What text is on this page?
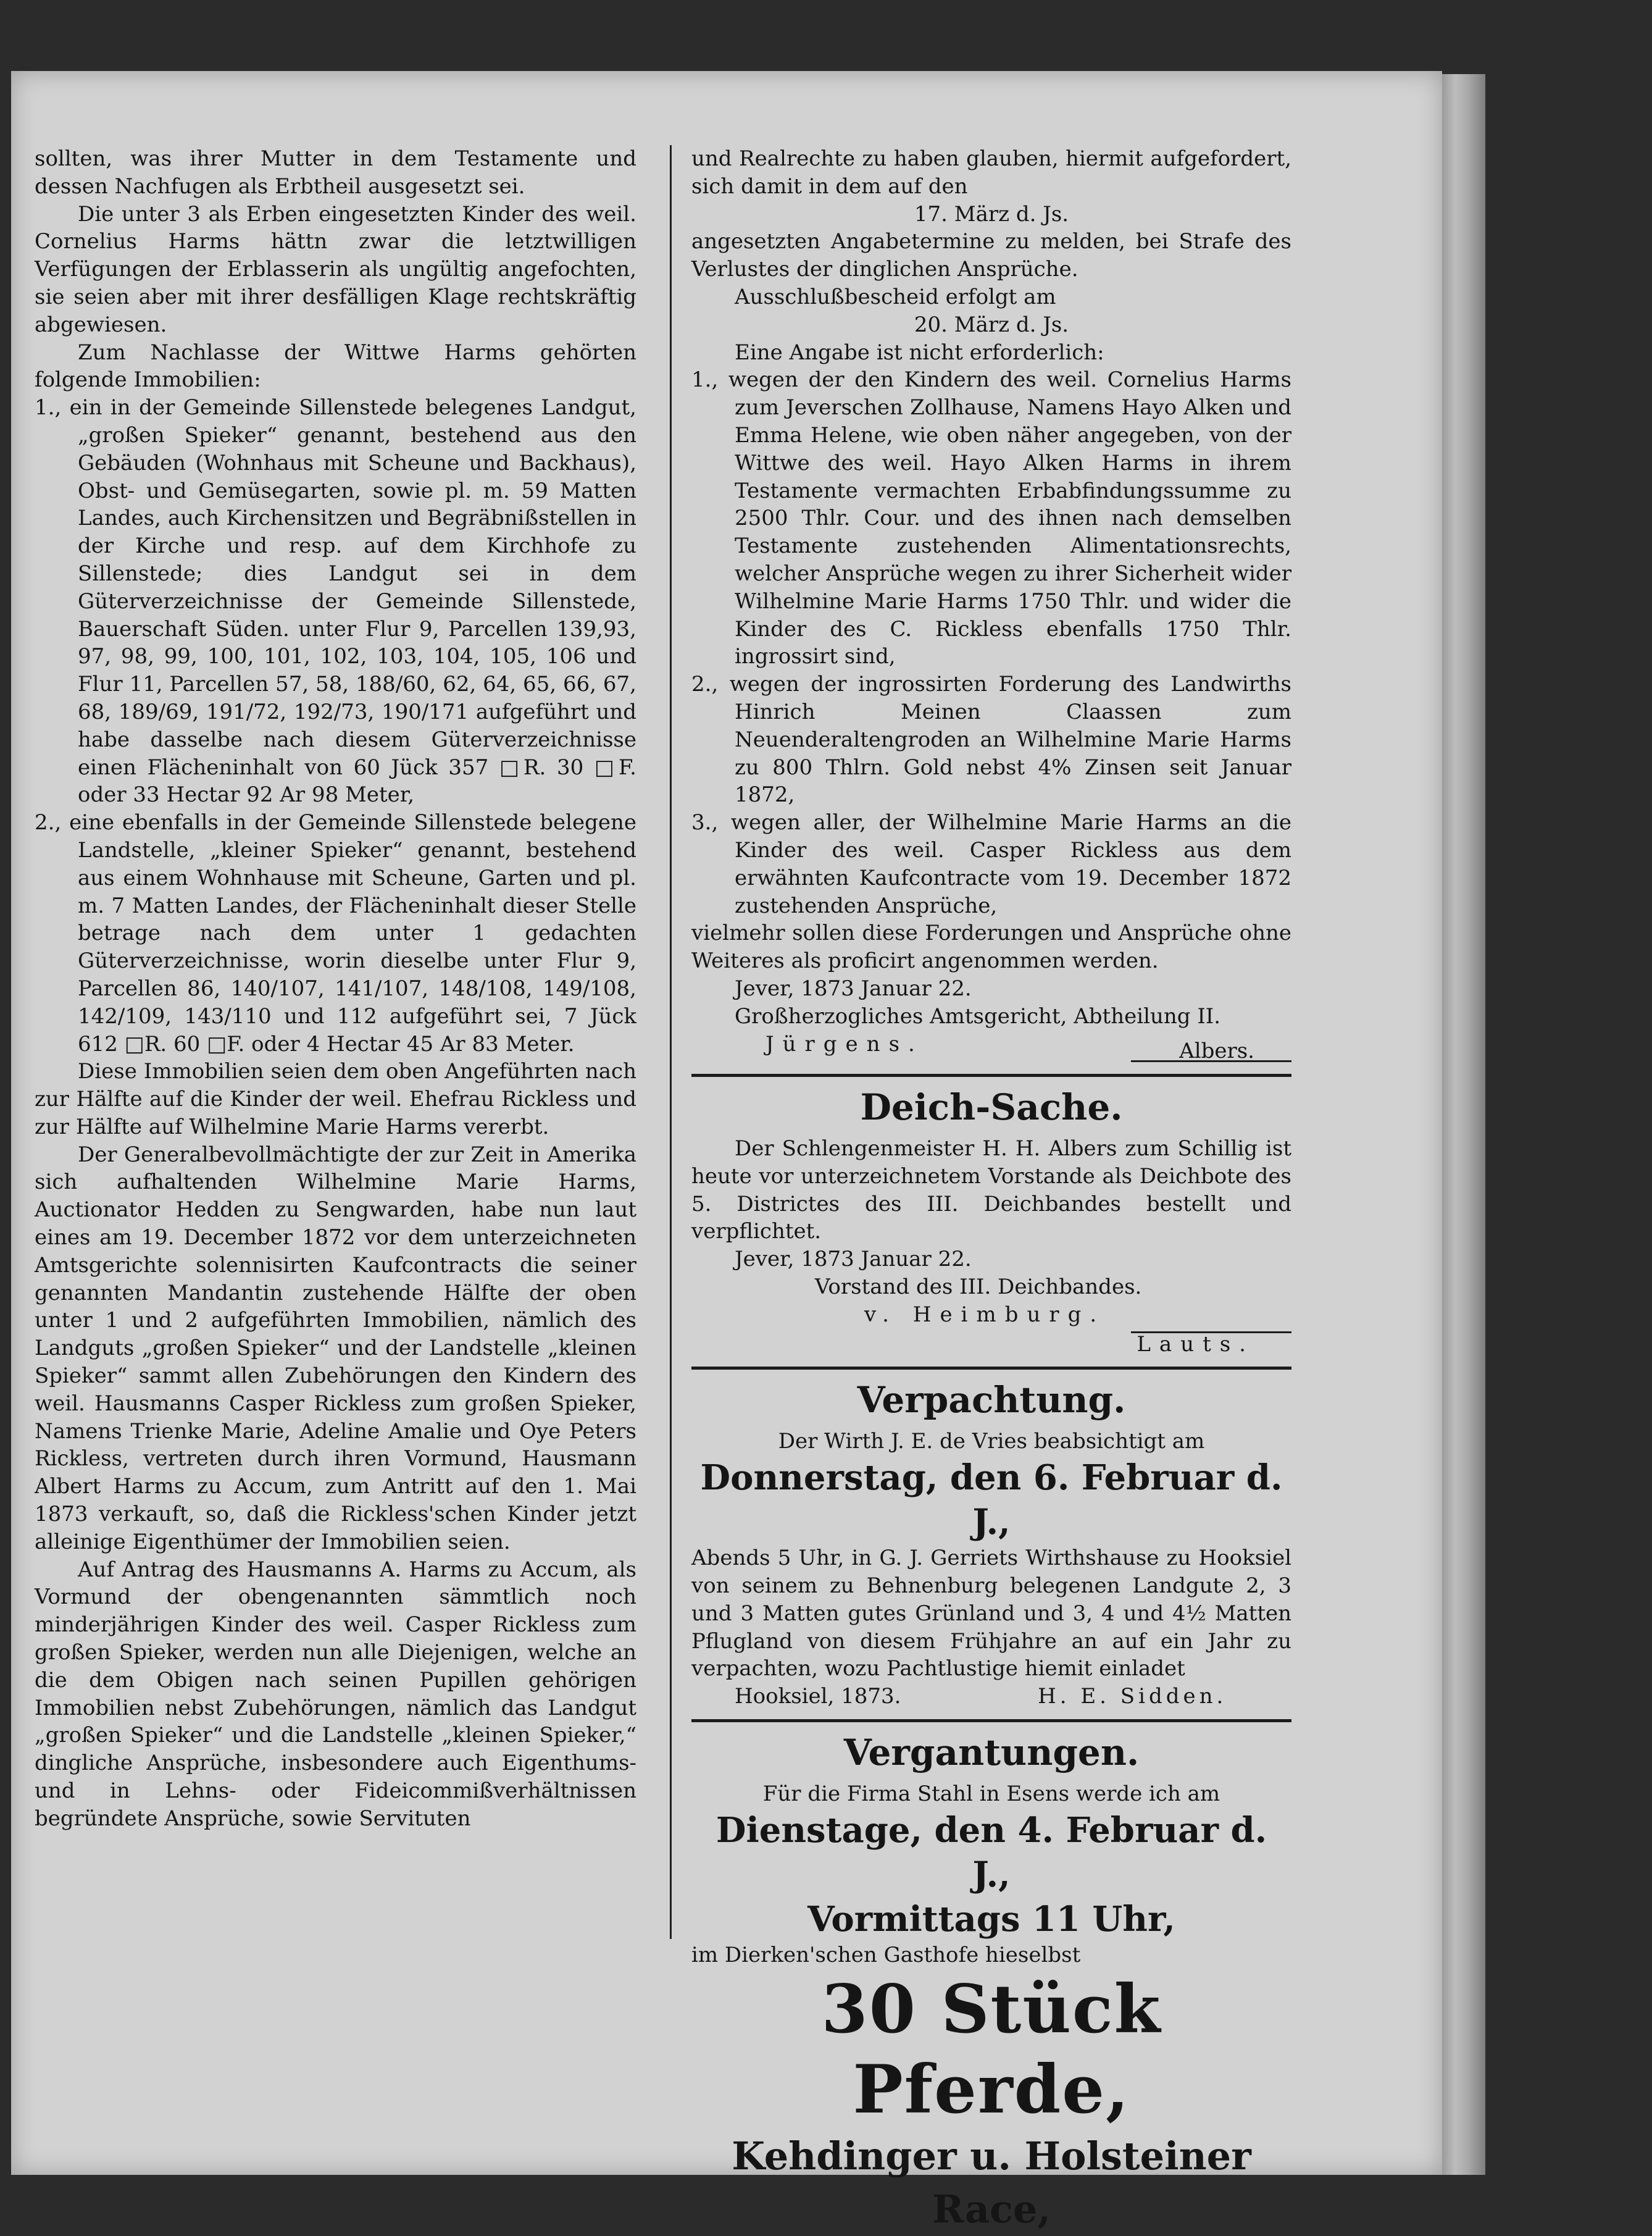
sollten, was ihrer Mutter in dem Testamente und dessen Nachfugen als Erbtheil ausgesetzt sei.

Die unter 3 als Erben eingesetzten Kinder des weil. Cornelius Harms hättn zwar die letztwilligen Verfügungen der Erblasserin als ungültig angefochten, sie seien aber mit ihrer desfälligen Klage rechtskräftig abgewiesen.

Zum Nachlasse der Wittwe Harms gehörten folgende Immobilien:

1., ein in der Gemeinde Sillenstede belegenes Landgut, „großen Spieker“ genannt, bestehend aus den Gebäuden (Wohnhaus mit Scheune und Backhaus), Obst- und Gemüsegarten, sowie pl. m. 59 Matten Landes, auch Kirchensitzen und Begräbnißstellen in der Kirche und resp. auf dem Kirchhofe zu Sillenstede; dies Landgut sei in dem Güterverzeichnisse der Gemeinde Sillenstede, Bauerschaft Süden. unter Flur 9, Parcellen 139,93, 97, 98, 99, 100, 101, 102, 103, 104, 105, 106 und Flur 11, Parcellen 57, 58, 188/60, 62, 64, 65, 66, 67, 68, 189/69, 191/72, 192/73, 190/171 aufgeführt und habe dasselbe nach diesem Güterverzeichnisse einen Flächeninhalt von 60 Jück 357 □R. 30 □F. oder 33 Hectar 92 Ar 98 Meter,

2., eine ebenfalls in der Gemeinde Sillenstede belegene Landstelle, „kleiner Spieker“ genannt, bestehend aus einem Wohnhause mit Scheune, Garten und pl. m. 7 Matten Landes, der Flächeninhalt dieser Stelle betrage nach dem unter 1 gedachten Güterverzeichnisse, worin dieselbe unter Flur 9, Parcellen 86, 140/107, 141/107, 148/108, 149/108, 142/109, 143/110 und 112 aufgeführt sei, 7 Jück 612 □R. 60 □F. oder 4 Hectar 45 Ar 83 Meter.

Diese Immobilien seien dem oben Angeführten nach zur Hälfte auf die Kinder der weil. Ehefrau Rickless und zur Hälfte auf Wilhelmine Marie Harms vererbt.

Der Generalbevollmächtigte der zur Zeit in Amerika sich aufhaltenden Wilhelmine Marie Harms, Auctionator Hedden zu Sengwarden, habe nun laut eines am 19. December 1872 vor dem unterzeichneten Amtsgerichte solennisirten Kaufcontracts die seiner genannten Mandantin zustehende Hälfte der oben unter 1 und 2 aufgeführten Immobilien, nämlich des Landguts „großen Spieker“ und der Landstelle „kleinen Spieker“ sammt allen Zubehörungen den Kindern des weil. Hausmanns Casper Rickless zum großen Spieker, Namens Trienke Marie, Adeline Amalie und Oye Peters Rickless, vertreten durch ihren Vormund, Hausmann Albert Harms zu Accum, zum Antritt auf den 1. Mai 1873 verkauft, so, daß die Rickless'schen Kinder jetzt alleinige Eigenthümer der Immobilien seien.

Auf Antrag des Hausmanns A. Harms zu Accum, als Vormund der obengenannten sämmtlich noch minderjährigen Kinder des weil. Casper Rickless zum großen Spieker, werden nun alle Diejenigen, welche an die dem Obigen nach seinen Pupillen gehörigen Immobilien nebst Zubehörungen, nämlich das Landgut „großen Spieker“ und die Landstelle „kleinen Spieker,“ dingliche Ansprüche, insbesondere auch Eigenthums- und in Lehns- oder Fideicommißverhältnissen begründete Ansprüche, sowie Servituten

und Realrechte zu haben glauben, hiermit aufgefordert, sich damit in dem auf den

17. März d. Js.

angesetzten Angabetermine zu melden, bei Strafe des Verlustes der dinglichen Ansprüche.

Ausschlußbescheid erfolgt am

20. März d. Js.

Eine Angabe ist nicht erforderlich:

1., wegen der den Kindern des weil. Cornelius Harms zum Jeverschen Zollhause, Namens Hayo Alken und Emma Helene, wie oben näher angegeben, von der Wittwe des weil. Hayo Alken Harms in ihrem Testamente vermachten Erbabfindungssumme zu 2500 Thlr. Cour. und des ihnen nach demselben Testamente zustehenden Alimentationsrechts, welcher Ansprüche wegen zu ihrer Sicherheit wider Wilhelmine Marie Harms 1750 Thlr. und wider die Kinder des C. Rickless ebenfalls 1750 Thlr. ingrossirt sind,

2., wegen der ingrossirten Forderung des Landwirths Hinrich Meinen Claassen zum Neuenderaltengroden an Wilhelmine Marie Harms zu 800 Thlrn. Gold nebst 4% Zinsen seit Januar 1872,

3., wegen aller, der Wilhelmine Marie Harms an die Kinder des weil. Casper Rickless aus dem erwähnten Kaufcontracte vom 19. December 1872 zustehenden Ansprüche,

vielmehr sollen diese Forderungen und Ansprüche ohne Weiteres als proficirt angenommen werden.

Jever, 1873 Januar 22.

Großherzogliches Amtsgericht, Abtheilung II.

Jürgens.	Albers.

Deich-Sache.

Der Schlengenmeister H. H. Albers zum Schillig ist heute vor unterzeichnetem Vorstande als Deichbote des 5. Districtes des III. Deichbandes bestellt und verpflichtet.

Jever, 1873 Januar 22.

Vorstand des III. Deichbandes.

v. Heimburg.

Lauts.

Verpachtung.

Der Wirth J. E. de Vries beabsichtigt am

Donnerstag, den 6. Februar d. J.,

Abends 5 Uhr, in G. J. Gerriets Wirthshause zu Hooksiel von seinem zu Behnenburg belegenen Landgute 2, 3 und 3 Matten gutes Grünland und 3, 4 und 4½ Matten Pflugland von diesem Frühjahre an auf ein Jahr zu verpachten, wozu Pachtlustige hiemit einladet

Hooksiel, 1873.	H. E. Sidden.

Vergantungen.

Für die Firma Stahl in Esens werde ich am

Dienstage, den 4. Februar d. J.,
Vormittags 11 Uhr,

im Dierken'schen Gasthofe hieselbst

30 Stück Pferde,
Kehdinger u. Holsteiner Race,
